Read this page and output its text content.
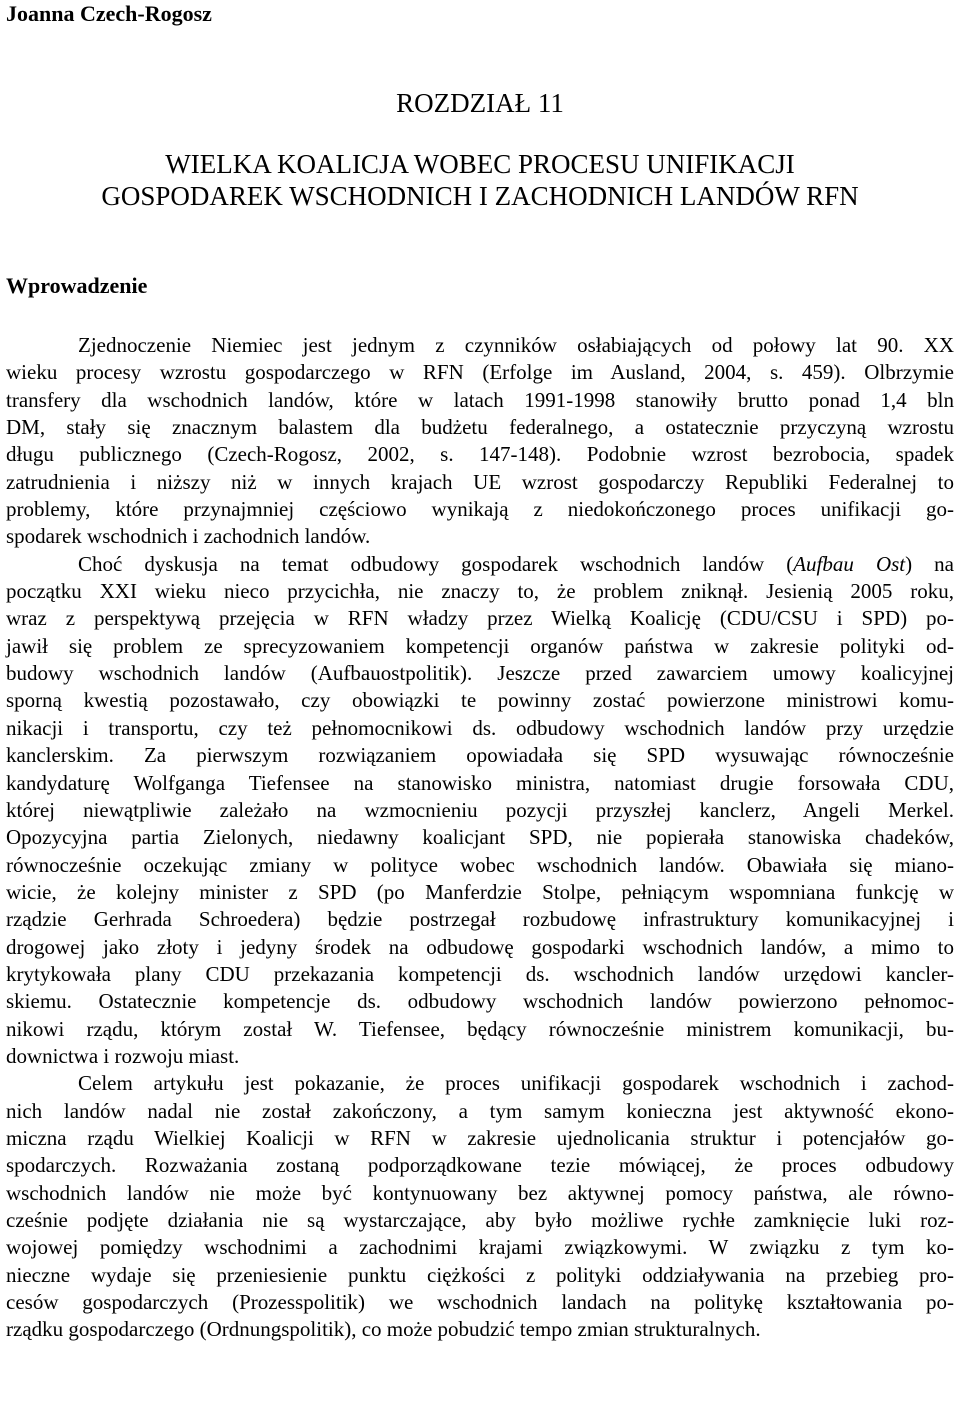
Joanna Czech-Rogosz
ROZDZIAŁ 11
WIELKA KOALICJA WOBEC PROCESU UNIFIKACJI
GOSPODAREK WSCHODNICH I ZACHODNICH LANDÓW RFN
Wprowadzenie
Zjednoczenie Niemiec jest jednym z czynników osłabiających od połowy lat 90. XX
wieku procesy wzrostu gospodarczego w RFN (Erfolge im Ausland, 2004, s. 459). Olbrzymie
transfery dla wschodnich landów, które w latach 1991-1998 stanowiły brutto ponad 1,4 bln
DM, stały się znacznym balastem dla budżetu federalnego, a ostatecznie przyczyną wzrostu
długu publicznego (Czech-Rogosz, 2002, s. 147-148). Podobnie wzrost bezrobocia, spadek
zatrudnienia i niższy niż w innych krajach UE wzrost gospodarczy Republiki Federalnej to
problemy, które przynajmniej częściowo wynikają z niedokończonego proces unifikacji go-
spodarek wschodnich i zachodnich landów.
Choć dyskusja na temat odbudowy gospodarek wschodnich landów (Aufbau Ost) na
początku XXI wieku nieco przycichła, nie znaczy to, że problem zniknął. Jesienią 2005 roku,
wraz z perspektywą przejęcia w RFN władzy przez Wielką Koalicję (CDU/CSU i SPD) po-
jawił się problem ze sprecyzowaniem kompetencji organów państwa w zakresie polityki od-
budowy wschodnich landów (Aufbauostpolitik). Jeszcze przed zawarciem umowy koalicyjnej
sporną kwestią pozostawało, czy obowiązki te powinny zostać powierzone ministrowi komu-
nikacji i transportu, czy też pełnomocnikowi ds. odbudowy wschodnich landów przy urzędzie
kanclerskim. Za pierwszym rozwiązaniem opowiadała się SPD wysuwając równocześnie
kandydaturę Wolfganga Tiefensee na stanowisko ministra, natomiast drugie forsowała CDU,
której niewątpliwie zależało na wzmocnieniu pozycji przyszłej kanclerz, Angeli Merkel.
Opozycyjna partia Zielonych, niedawny koalicjant SPD, nie popierała stanowiska chadeków,
równocześnie oczekując zmiany w polityce wobec wschodnich landów. Obawiała się miano-
wicie, że kolejny minister z SPD (po Manferdzie Stolpe, pełniącym wspomniana funkcję w
rządzie Gerhrada Schroedera) będzie postrzegał rozbudowę infrastruktury komunikacyjnej i
drogowej jako złoty i jedyny środek na odbudowę gospodarki wschodnich landów, a mimo to
krytykowała plany CDU przekazania kompetencji ds. wschodnich landów urzędowi kancler-
skiemu. Ostatecznie kompetencje ds. odbudowy wschodnich landów powierzono pełnomoc-
nikowi rządu, którym został W. Tiefensee, będący równocześnie ministrem komunikacji, bu-
downictwa i rozwoju miast.
Celem artykułu jest pokazanie, że proces unifikacji gospodarek wschodnich i zachod-
nich landów nadal nie został zakończony, a tym samym konieczna jest aktywność ekono-
miczna rządu Wielkiej Koalicji w RFN w zakresie ujednolicania struktur i potencjałów go-
spodarczych. Rozważania zostaną podporządkowane tezie mówiącej, że proces odbudowy
wschodnich landów nie może być kontynuowany bez aktywnej pomocy państwa, ale równo-
cześnie podjęte działania nie są wystarczające, aby było możliwe rychłe zamknięcie luki roz-
wojowej pomiędzy wschodnimi a zachodnimi krajami związkowymi. W związku z tym ko-
nieczne wydaje się przeniesienie punktu ciężkości z polityki oddziaływania na przebieg pro-
cesów gospodarczych (Prozesspolitik) we wschodnich landach na politykę kształtowania po-
rządku gospodarczego (Ordnungspolitik), co może pobudzić tempo zmian strukturalnych.
